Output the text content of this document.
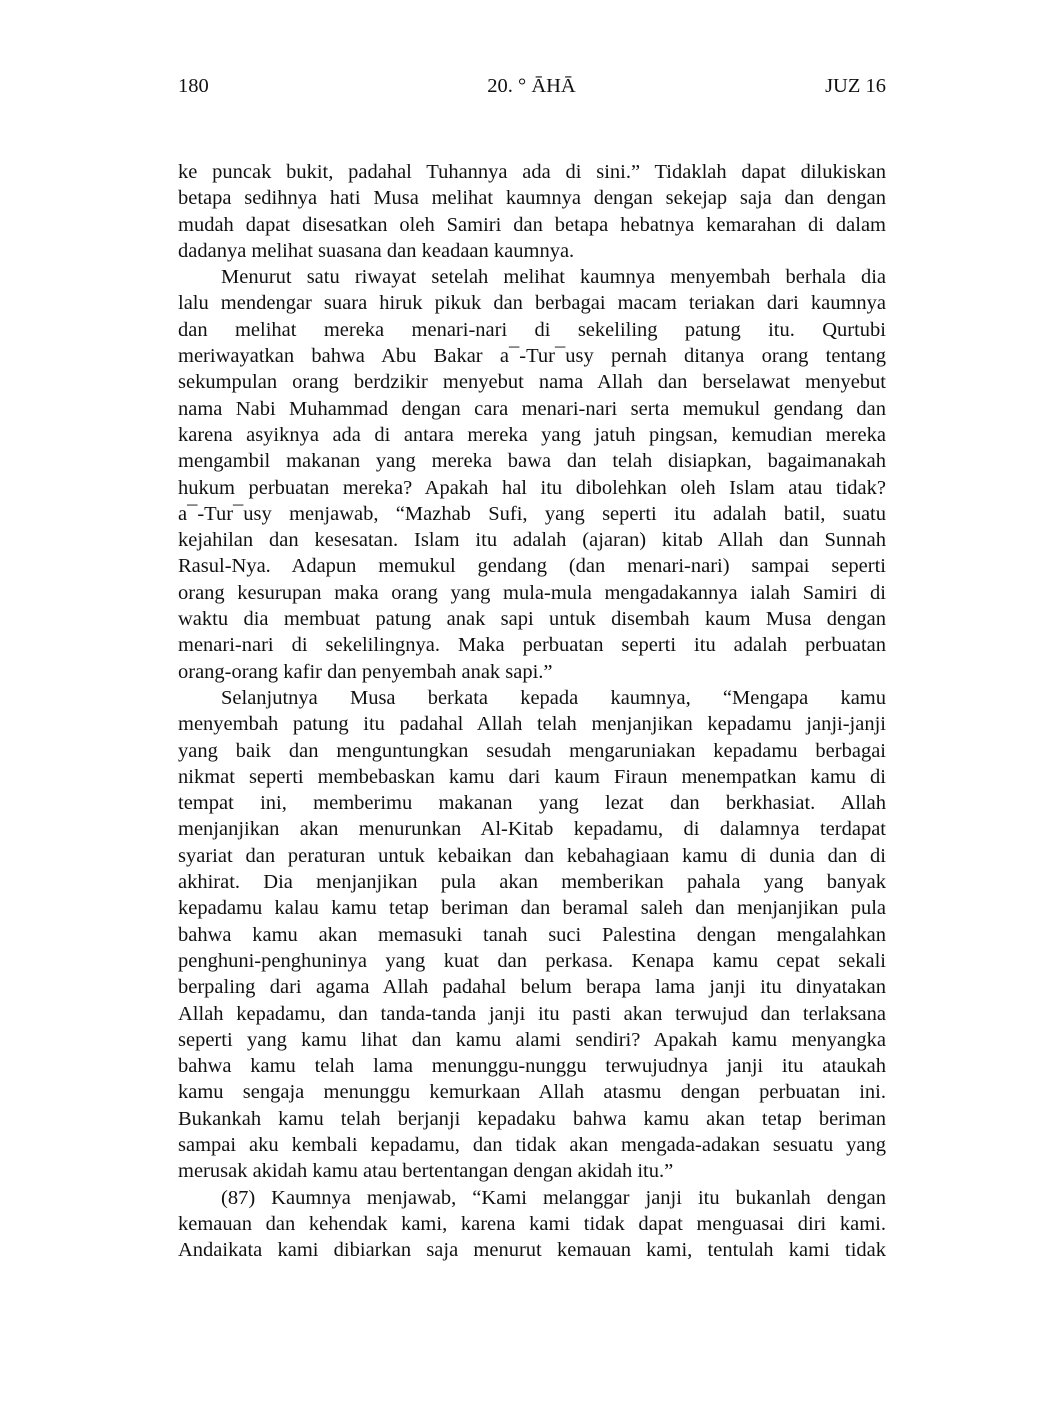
180	20. ° ĀHĀ	JUZ 16
ke puncak bukit, padahal Tuhannya ada di sini.” Tidaklah dapat dilukiskan
betapa sedihnya hati Musa melihat kaumnya dengan sekejap saja dan dengan
mudah dapat disesatkan oleh Samiri dan betapa hebatnya kemarahan di dalam
dadanya melihat suasana dan keadaan kaumnya.
Menurut satu riwayat setelah melihat kaumnya menyembah berhala dia
lalu mendengar suara hiruk pikuk dan berbagai macam teriakan dari kaumnya
dan melihat mereka menari-nari di sekeliling patung itu. Qurtubi
meriwayatkan bahwa Abu Bakar a¯-Tur¯usy pernah ditanya orang tentang
sekumpulan orang berdzikir menyebut nama Allah dan berselawat menyebut
nama Nabi Muhammad dengan cara menari-nari serta memukul gendang dan
karena asyiknya ada di antara mereka yang jatuh pingsan, kemudian mereka
mengambil makanan yang mereka bawa dan telah disiapkan, bagaimanakah
hukum perbuatan mereka? Apakah hal itu dibolehkan oleh Islam atau tidak?
a¯-Tur¯usy menjawab, “Mazhab Sufi, yang seperti itu adalah batil, suatu
kejahilan dan kesesatan. Islam itu adalah (ajaran) kitab Allah dan Sunnah
Rasul-Nya. Adapun memukul gendang (dan menari-nari) sampai seperti
orang kesurupan maka orang yang mula-mula mengadakannya ialah Samiri di
waktu dia membuat patung anak sapi untuk disembah kaum Musa dengan
menari-nari di sekelilingnya. Maka perbuatan seperti itu adalah perbuatan
orang-orang kafir dan penyembah anak sapi.”
Selanjutnya Musa berkata kepada kaumnya, “Mengapa kamu
menyembah patung itu padahal Allah telah menjanjikan kepadamu janji-janji
yang baik dan menguntungkan sesudah mengaruniakan kepadamu berbagai
nikmat seperti membebaskan kamu dari kaum Firaun menempatkan kamu di
tempat ini, memberimu makanan yang lezat dan berkhasiat. Allah
menjanjikan akan menurunkan Al-Kitab kepadamu, di dalamnya terdapat
syariat dan peraturan untuk kebaikan dan kebahagiaan kamu di dunia dan di
akhirat. Dia menjanjikan pula akan memberikan pahala yang banyak
kepadamu kalau kamu tetap beriman dan beramal saleh dan menjanjikan pula
bahwa kamu akan memasuki tanah suci Palestina dengan mengalahkan
penghuni-penghuninya yang kuat dan perkasa. Kenapa kamu cepat sekali
berpaling dari agama Allah padahal belum berapa lama janji itu dinyatakan
Allah kepadamu, dan tanda-tanda janji itu pasti akan terwujud dan terlaksana
seperti yang kamu lihat dan kamu alami sendiri? Apakah kamu menyangka
bahwa kamu telah lama menunggu-nunggu terwujudnya janji itu ataukah
kamu sengaja menunggu kemurkaan Allah atasmu dengan perbuatan ini.
Bukankah kamu telah berjanji kepadaku bahwa kamu akan tetap beriman
sampai aku kembali kepadamu, dan tidak akan mengada-adakan sesuatu yang
merusak akidah kamu atau bertentangan dengan akidah itu.”
(87) Kaumnya menjawab, “Kami melanggar janji itu bukanlah dengan
kemauan dan kehendak kami, karena kami tidak dapat menguasai diri kami.
Andaikata kami dibiarkan saja menurut kemauan kami, tentulah kami tidak
